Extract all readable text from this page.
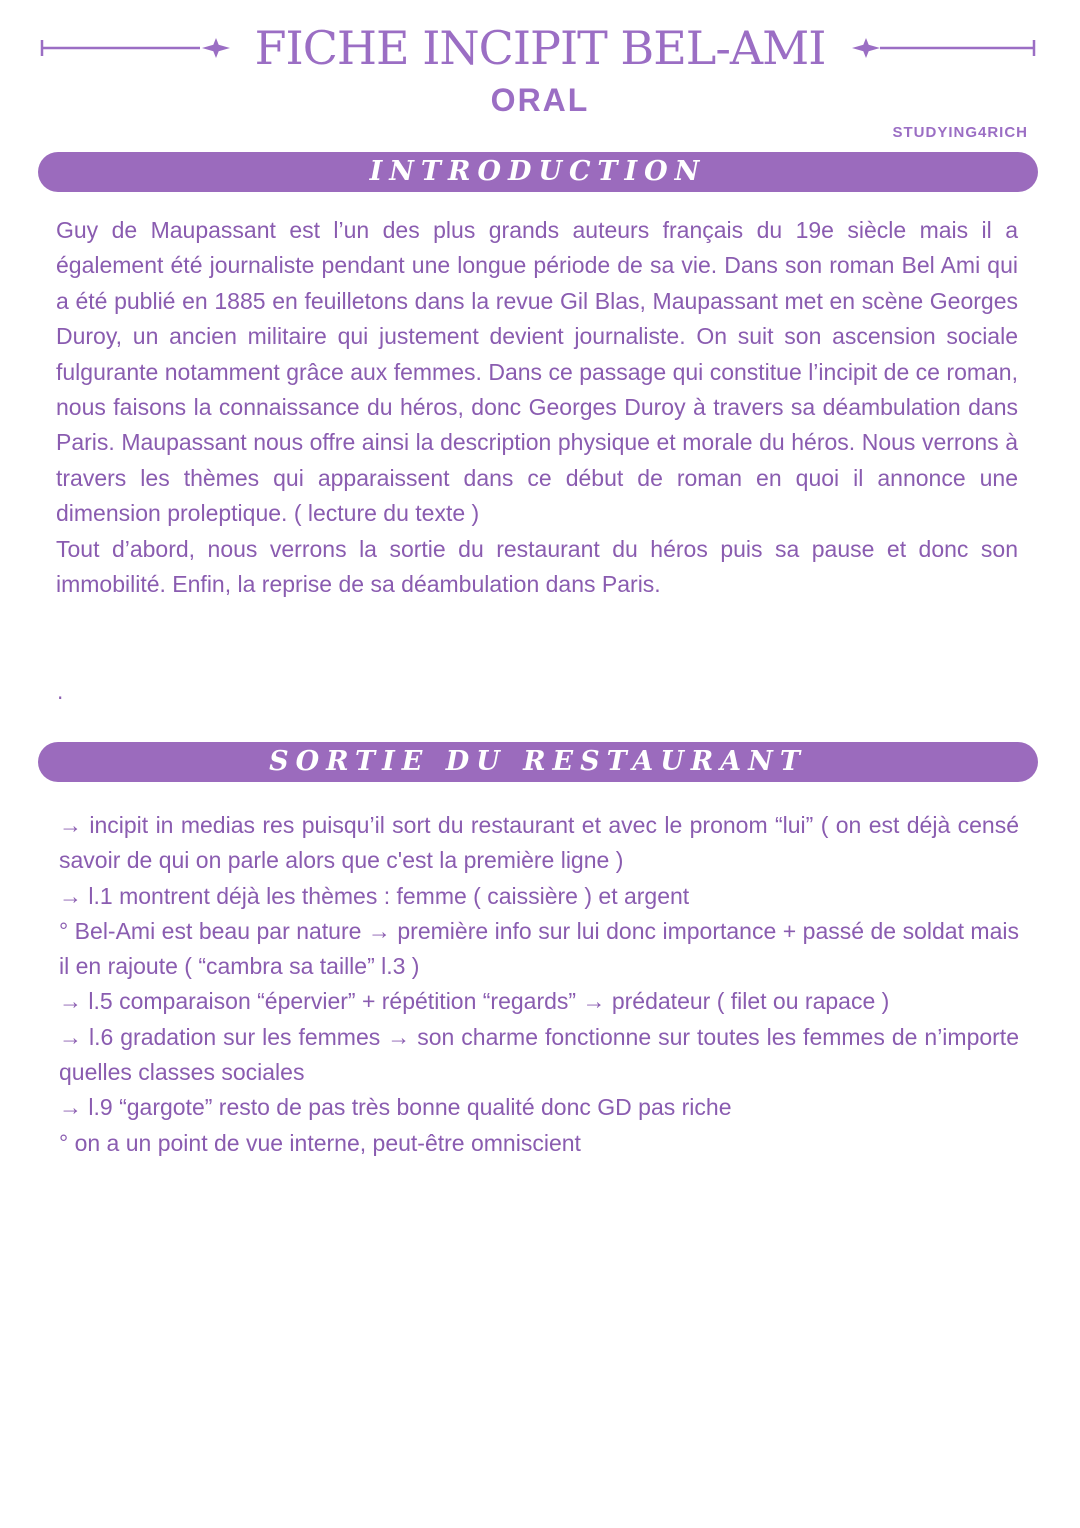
FICHE INCIPIT BEL-AMI
ORAL
STUDYING4RICH
INTRODUCTION

Guy de Maupassant est l’un des plus grands auteurs français du 19e siècle mais il a également été journaliste pendant une longue période de sa vie. Dans son roman Bel Ami qui a été publié en 1885 en feuilletons dans la revue Gil Blas, Maupassant met en scène Georges Duroy, un ancien militaire qui justement devient journaliste. On suit son ascension sociale fulgurante notamment grâce aux femmes. Dans ce passage qui constitue l’incipit de ce roman, nous faisons la connaissance du héros, donc Georges Duroy à travers sa déambulation dans Paris. Maupassant nous offre ainsi la description physique et morale du héros. Nous verrons à travers les thèmes qui apparaissent dans ce début de roman en quoi il annonce une dimension proleptique. ( lecture du texte )

Tout d’abord, nous verrons la sortie du restaurant du héros puis sa pause et donc son immobilité. Enfin, la reprise de sa déambulation dans Paris.

.
SORTIE DU RESTAURANT

→ incipit in medias res puisqu’il sort du restaurant et avec le pronom “lui” ( on est déjà censé savoir de qui on parle alors que c'est la première ligne )

→ l.1 montrent déjà les thèmes : femme ( caissière ) et argent

° Bel-Ami est beau par nature → première info sur lui donc importance + passé de soldat mais il en rajoute ( “cambra sa taille” l.3 )

→ l.5 comparaison “épervier” + répétition “regards” → prédateur ( filet ou rapace )

→ l.6 gradation sur les femmes → son charme fonctionne sur toutes les femmes de n’importe quelles classes sociales

→ l.9 “gargote” resto de pas très bonne qualité donc GD pas riche

° on a un point de vue interne, peut-être omniscient
